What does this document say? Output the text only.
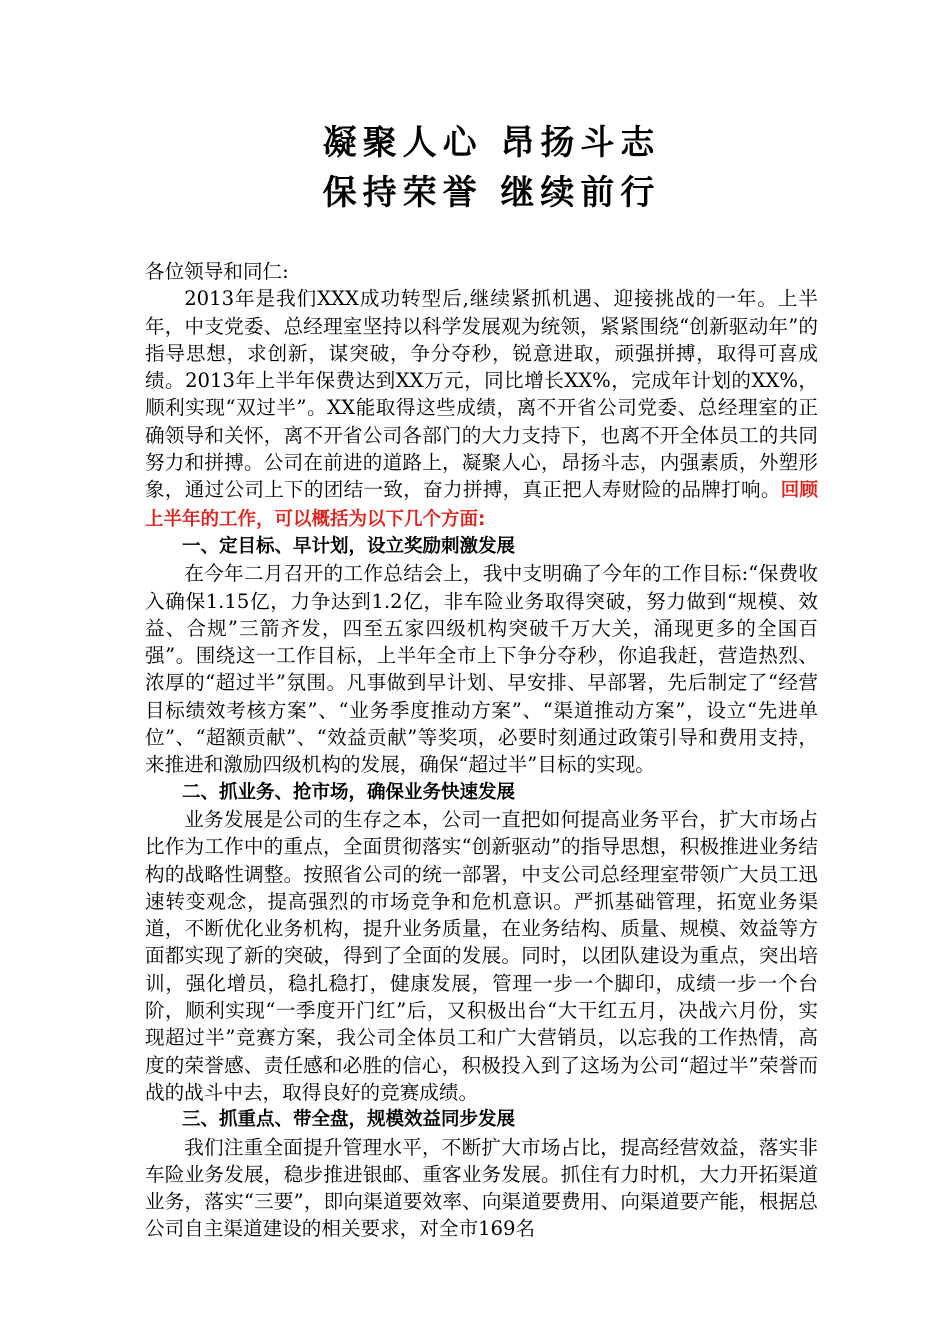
凝聚人心 昂扬斗志
保持荣誉 继续前行

各位领导和同仁:

2013年是我们XXX成功转型后,继续紧抓机遇、迎接挑战的一年。上半年，中支党委、总经理室坚持以科学发展观为统领，紧紧围绕“创新驱动年”的指导思想，求创新，谋突破，争分夺秒，锐意进取，顽强拼搏，取得可喜成绩。2013年上半年保费达到XX万元，同比增长XX%，完成年计划的XX%，顺利实现“双过半”。XX能取得这些成绩，离不开省公司党委、总经理室的正确领导和关怀，离不开省公司各部门的大力支持下，也离不开全体员工的共同努力和拼搏。公司在前进的道路上，凝聚人心，昂扬斗志，内强素质，外塑形象，通过公司上下的团结一致，奋力拼搏，真正把人寿财险的品牌打响。回顾上半年的工作，可以概括为以下几个方面:

一、定目标、早计划，设立奖励刺激发展

在今年二月召开的工作总结会上，我中支明确了今年的工作目标:“保费收入确保1.15亿，力争达到1.2亿，非车险业务取得突破，努力做到“规模、效益、合规”三箭齐发，四至五家四级机构突破千万大关，涌现更多的全国百强”。围绕这一工作目标，上半年全市上下争分夺秒，你追我赶，营造热烈、浓厚的“超过半”氛围。凡事做到早计划、早安排、早部署，先后制定了“经营目标绩效考核方案”、“业务季度推动方案”、“渠道推动方案”，设立“先进单位”、“超额贡献”、“效益贡献”等奖项，必要时刻通过政策引导和费用支持，来推进和激励四级机构的发展，确保“超过半”目标的实现。

二、抓业务、抢市场，确保业务快速发展

业务发展是公司的生存之本，公司一直把如何提高业务平台，扩大市场占比作为工作中的重点，全面贯彻落实“创新驱动”的指导思想，积极推进业务结构的战略性调整。按照省公司的统一部署，中支公司总经理室带领广大员工迅速转变观念，提高强烈的市场竞争和危机意识。严抓基础管理，拓宽业务渠道，不断优化业务机构，提升业务质量，在业务结构、质量、规模、效益等方面都实现了新的突破，得到了全面的发展。同时，以团队建设为重点，突出培训，强化增员，稳扎稳打，健康发展，管理一步一个脚印，成绩一步一个台阶，顺利实现“一季度开门红”后，又积极出台“大干红五月，决战六月份，实现超过半”竞赛方案，我公司全体员工和广大营销员，以忘我的工作热情，高度的荣誉感、责任感和必胜的信心，积极投入到了这场为公司“超过半”荣誉而战的战斗中去，取得良好的竞赛成绩。

三、抓重点、带全盘，规模效益同步发展

我们注重全面提升管理水平，不断扩大市场占比，提高经营效益，落实非车险业务发展，稳步推进银邮、重客业务发展。抓住有力时机，大力开拓渠道业务，落实“三要”，即向渠道要效率、向渠道要费用、向渠道要产能，根据总公司自主渠道建设的相关要求，对全市169名
